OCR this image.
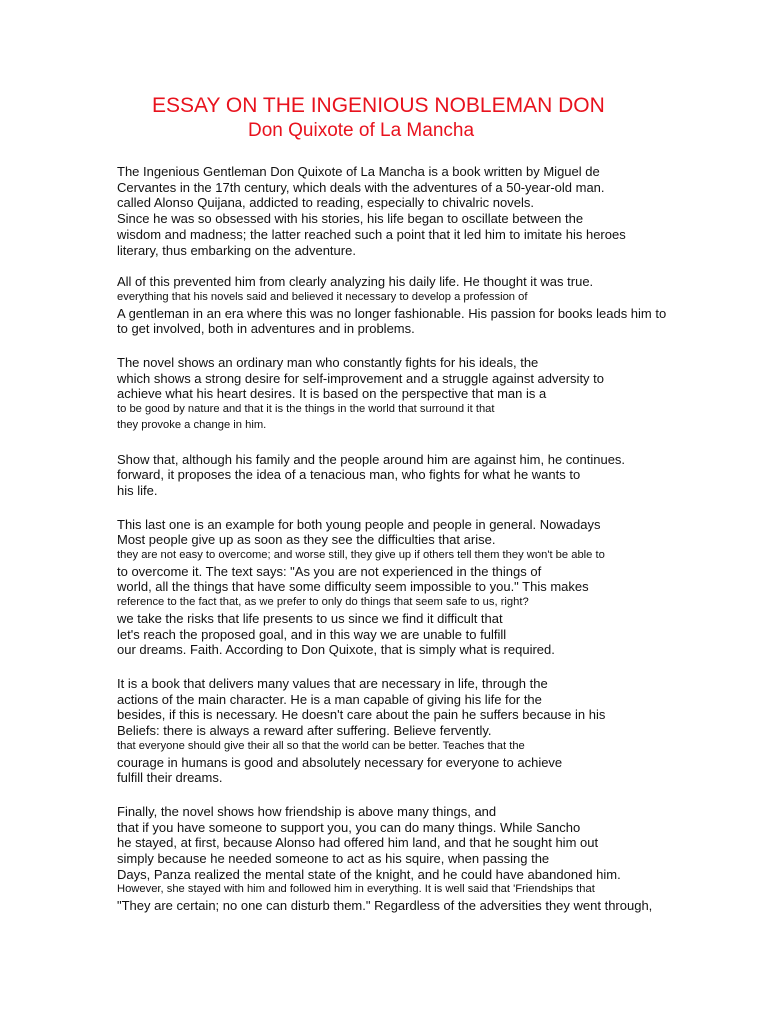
ESSAY ON THE INGENIOUS NOBLEMAN DON
Don Quixote of La Mancha
The Ingenious Gentleman Don Quixote of La Mancha is a book written by Miguel de
Cervantes in the 17th century, which deals with the adventures of a 50-year-old man.
called Alonso Quijana, addicted to reading, especially to chivalric novels.
Since he was so obsessed with his stories, his life began to oscillate between the
wisdom and madness; the latter reached such a point that it led him to imitate his heroes
literary, thus embarking on the adventure.
All of this prevented him from clearly analyzing his daily life. He thought it was true.
everything that his novels said and believed it necessary to develop a profession of
A gentleman in an era where this was no longer fashionable. His passion for books leads him to
to get involved, both in adventures and in problems.
The novel shows an ordinary man who constantly fights for his ideals, the
which shows a strong desire for self-improvement and a struggle against adversity to
achieve what his heart desires. It is based on the perspective that man is a
to be good by nature and that it is the things in the world that surround it that
they provoke a change in him.
Show that, although his family and the people around him are against him, he continues.
forward, it proposes the idea of a tenacious man, who fights for what he wants to
his life.
This last one is an example for both young people and people in general. Nowadays
Most people give up as soon as they see the difficulties that arise.
they are not easy to overcome; and worse still, they give up if others tell them they won't be able to
to overcome it. The text says: "As you are not experienced in the things of
world, all the things that have some difficulty seem impossible to you." This makes
reference to the fact that, as we prefer to only do things that seem safe to us, right?
we take the risks that life presents to us since we find it difficult that
let's reach the proposed goal, and in this way we are unable to fulfill
our dreams. Faith. According to Don Quixote, that is simply what is required.
It is a book that delivers many values that are necessary in life, through the
actions of the main character. He is a man capable of giving his life for the
besides, if this is necessary. He doesn't care about the pain he suffers because in his
Beliefs: there is always a reward after suffering. Believe fervently.
that everyone should give their all so that the world can be better. Teaches that the
courage in humans is good and absolutely necessary for everyone to achieve
fulfill their dreams.
Finally, the novel shows how friendship is above many things, and
that if you have someone to support you, you can do many things. While Sancho
he stayed, at first, because Alonso had offered him land, and that he sought him out
simply because he needed someone to act as his squire, when passing the
Days, Panza realized the mental state of the knight, and he could have abandoned him.
However, she stayed with him and followed him in everything. It is well said that 'Friendships that
"They are certain; no one can disturb them." Regardless of the adversities they went through,
